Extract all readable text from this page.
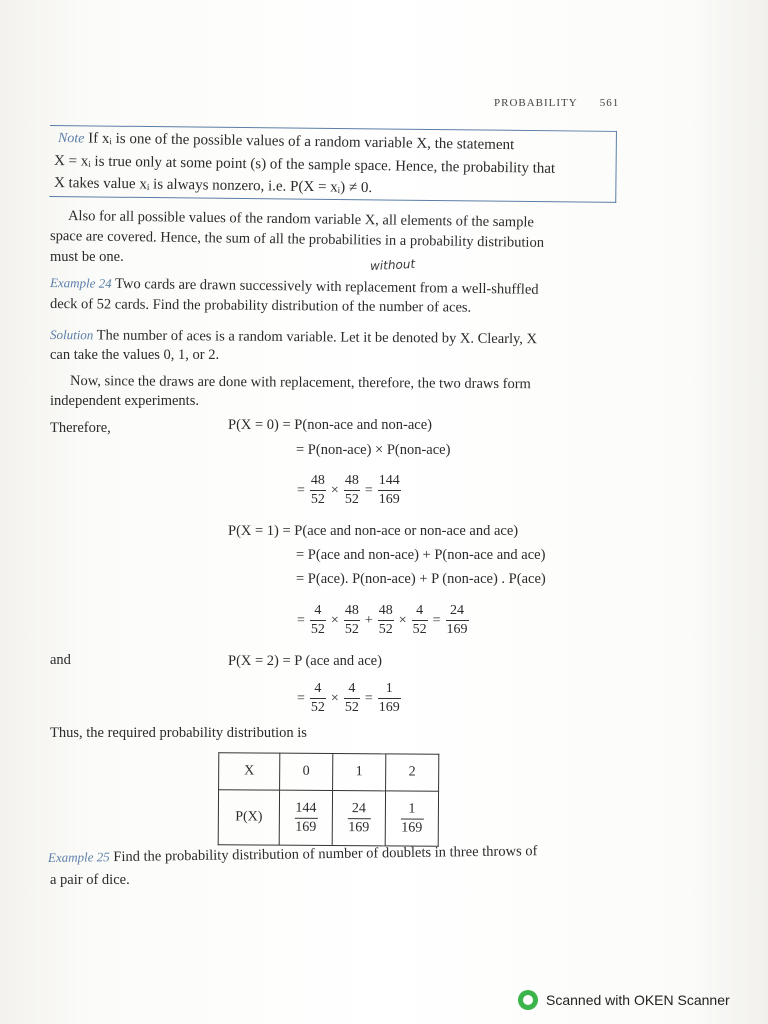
PROBABILITY 561
Note If xᵢ is one of the possible values of a random variable X, the statement
X = xᵢ is true only at some point (s) of the sample space. Hence, the probability that
X takes value xᵢ is always nonzero, i.e. P(X = xᵢ) ≠ 0.
Also for all possible values of the random variable X, all elements of the sample
space are covered. Hence, the sum of all the probabilities in a probability distribution
must be one.	without
Example 24 Two cards are drawn successively with replacement from a well-shuffled
deck of 52 cards. Find the probability distribution of the number of aces.
Solution The number of aces is a random variable. Let it be denoted by X. Clearly, X
can take the values 0, 1, or 2.
Now, since the draws are done with replacement, therefore, the two draws form
independent experiments.
Therefore,	P(X = 0) = P(non-ace and non-ace)
= P(non-ace) × P(non-ace)
= $\frac{48}{52} \times \frac{48}{52} = \frac{144}{169}$
P(X = 1) = P(ace and non-ace or non-ace and ace)
= P(ace and non-ace) + P(non-ace and ace)
= P(ace). P(non-ace) + P (non-ace) . P(ace)
= $\frac{4}{52} \times \frac{48}{52} + \frac{48}{52} \times \frac{4}{52} = \frac{24}{169}$
and	P(X = 2) = P (ace and ace)
= $\frac{4}{52} \times \frac{4}{52} = \frac{1}{169}$
Thus, the required probability distribution is
X	0	1	2
P(X)	$\frac{144}{169}$	$\frac{24}{169}$	$\frac{1}{169}$
Example 25 Find the probability distribution of number of doublets in three throws of
a pair of dice.
Scanned with OKEN Scanner
